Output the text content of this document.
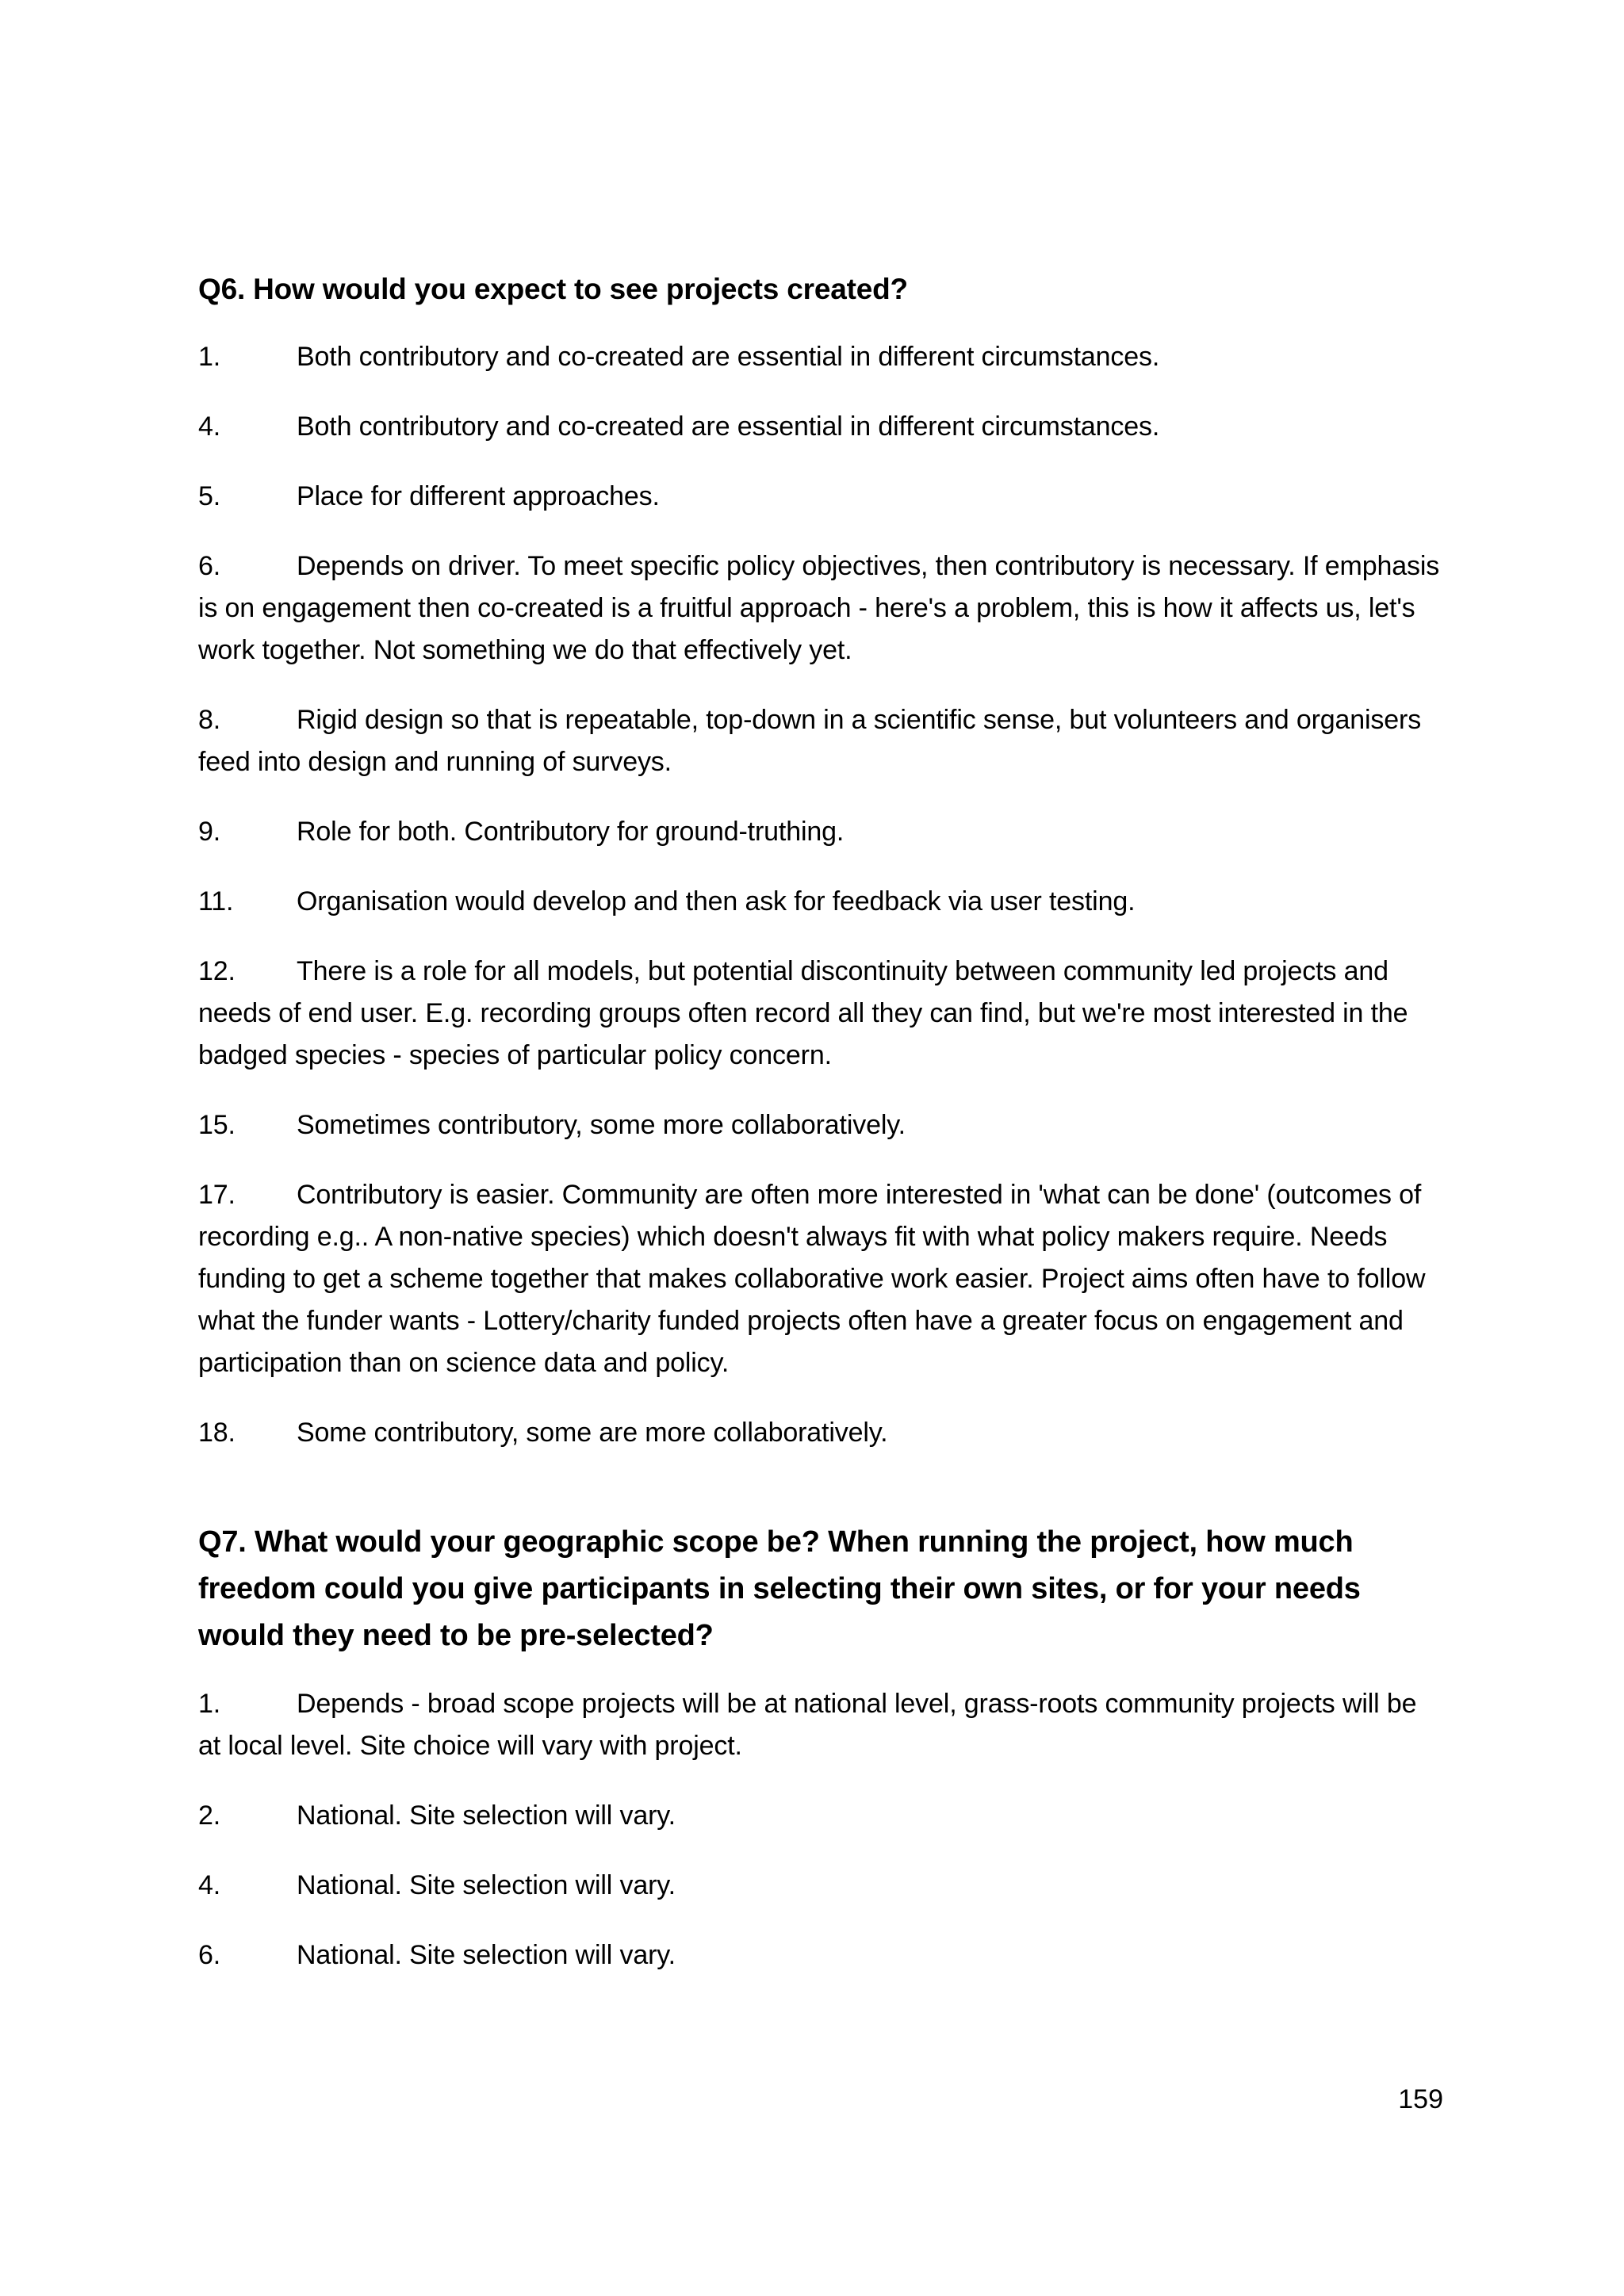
Q6. How would you expect to see projects created?

1.	Both contributory and co-created are essential in different circumstances.

4.	Both contributory and co-created are essential in different circumstances.

5.	Place for different approaches.

6.	Depends on driver. To meet specific policy objectives, then contributory is necessary. If emphasis is on engagement then co-created is a fruitful approach - here's a problem, this is how it affects us, let's work together. Not something we do that effectively yet.

8.	Rigid design so that is repeatable, top-down in a scientific sense, but volunteers and organisers feed into design and running of surveys.

9.	Role for both. Contributory for ground-truthing.

11. Organisation would develop and then ask for feedback via user testing.

12. There is a role for all models, but potential discontinuity between community led projects and needs of end user. E.g. recording groups often record all they can find, but we're most interested in the badged species - species of particular policy concern.

15. Sometimes contributory, some more collaboratively.

17. Contributory is easier. Community are often more interested in 'what can be done' (outcomes of recording e.g.. A non-native species) which doesn't always fit with what policy makers require. Needs funding to get a scheme together that makes collaborative work easier. Project aims often have to follow what the funder wants - Lottery/charity funded projects often have a greater focus on engagement and participation than on science data and policy.

18. Some contributory, some are more collaboratively.

Q7. What would your geographic scope be? When running the project, how much freedom could you give participants in selecting their own sites, or for your needs would they need to be pre-selected?

1.	Depends - broad scope projects will be at national level, grass-roots community projects will be at local level. Site choice will vary with project.

2.	National. Site selection will vary.

4.	National. Site selection will vary.

6.	National. Site selection will vary.

159
